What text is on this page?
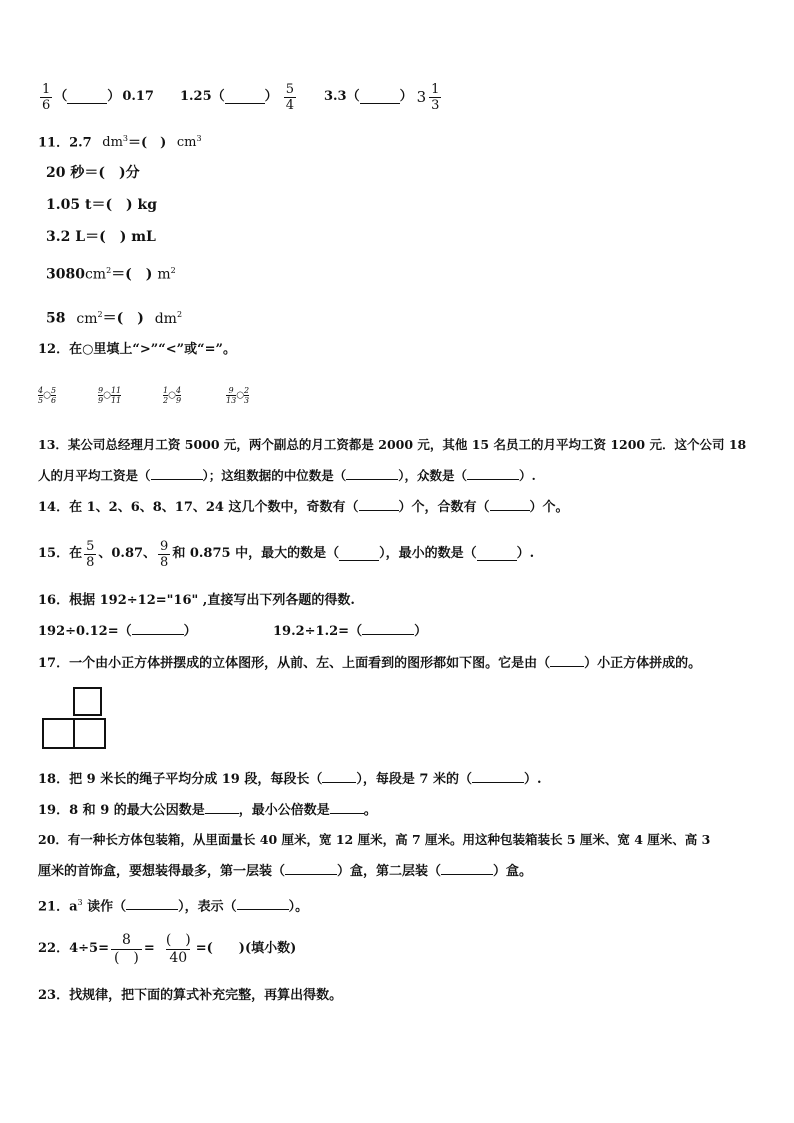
$\frac{1}{6}$ （	） 0.17 1.25 （	） $\frac{5}{4} 3.3$ （	） $3 \frac{1}{3}$
11．2.7 $dm^3=$(　) $cm^3$
20 秒＝(　)分
1.05 t＝(　) kg
3.2 L＝(　) mL
$3080cm^2=$(　) $m^2$
58 $cm^2=$(　) $dm^2$
12．在○里填上“>”“<”或“=”。
$\frac{4}{5}$ ○ $\frac{5}{6}$	$\frac{9}{9}$ ○ $\frac{11}{11}$	$\frac{1}{2}$ ○ $\frac{4}{9}$	$\frac{9}{13}$ ○ $\frac{2}{3}$
13．某公司总经理月工资 5000 元，两个副总的月工资都是 2000 元，其他 15 名员工的月平均工资 1200 元．这个公司 18
人的月平均工资是（	）；这组数据的中位数是（	），众数是（	）.
14．在 1、2、6、8、17、24 这几个数中，奇数有（	）个，合数有（	）个。
15．在 $\frac{5}{8}$ 、0.87、 $\frac{9}{8}$ 和 0.875 中，最大的数是（	），最小的数是（	）.
16．根据 192÷12="16" ,直接写出下列各题的得数.
192÷0.12=（	）	19.2÷1.2=（	）
17．一个由小正方体拼摆成的立体图形，从前、左、上面看到的图形都如下图。它是由（	）小正方体拼成的。
18．把 9 米长的绳子平均分成 19 段，每段长（	），每段是 7 米的（	）.
19．8 和 9 的最大公因数是	，最小公倍数是	。
20．有一种长方体包装箱，从里面量长 40 厘米，宽 12 厘米，高 7 厘米。用这种包装箱装长 5 厘米、宽 4 厘米、高 3
厘米的首饰盒，要想装得最多，第一层装（	）盒，第二层装（	）盒。
21．$a^3$ 读作（	），表示（	）。
22．$4\div 5= \frac{8}{( )} = \frac{( )}{40}$ =(　　)(填小数)
23．找规律，把下面的算式补充完整，再算出得数。
